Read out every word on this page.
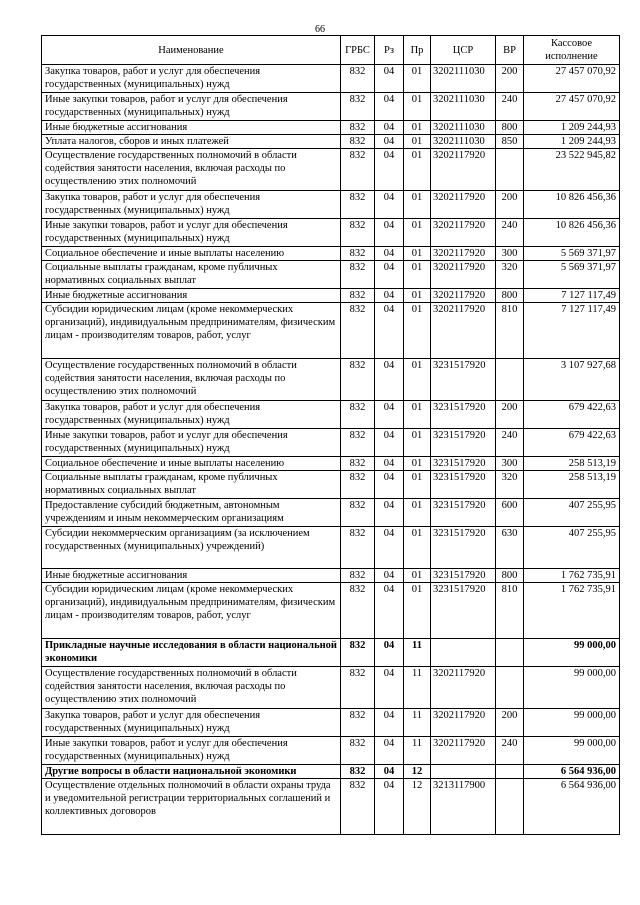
66
Наименование	ГРБС	Рз	Пр	ЦСР	ВР	Кассовое исполнение
Закупка товаров, работ и услуг для обеспечения государственных (муниципальных) нужд	832	04	01	3202111030	200	27 457 070,92
Иные закупки товаров, работ и услуг для обеспечения государственных (муниципальных) нужд	832	04	01	3202111030	240	27 457 070,92
Иные бюджетные ассигнования	832	04	01	3202111030	800	1 209 244,93
Уплата налогов, сборов и иных платежей	832	04	01	3202111030	850	1 209 244,93
Осуществление государственных полномочий в области содействия занятости населения, включая расходы по осуществлению этих полномочий	832	04	01	3202117920		23 522 945,82
Закупка товаров, работ и услуг для обеспечения государственных (муниципальных) нужд	832	04	01	3202117920	200	10 826 456,36
Иные закупки товаров, работ и услуг для обеспечения государственных (муниципальных) нужд	832	04	01	3202117920	240	10 826 456,36
Социальное обеспечение и иные выплаты населению	832	04	01	3202117920	300	5 569 371,97
Социальные выплаты гражданам, кроме публичных нормативных социальных выплат	832	04	01	3202117920	320	5 569 371,97
Иные бюджетные ассигнования	832	04	01	3202117920	800	7 127 117,49
Субсидии юридическим лицам (кроме некоммерческих организаций), индивидуальным предпринимателям, физическим лицам - производителям товаров, работ, услуг	832	04	01	3202117920	810	7 127 117,49
Осуществление государственных полномочий в области содействия занятости населения, включая расходы по осуществлению этих полномочий	832	04	01	3231517920		3 107 927,68
Закупка товаров, работ и услуг для обеспечения государственных (муниципальных) нужд	832	04	01	3231517920	200	679 422,63
Иные закупки товаров, работ и услуг для обеспечения государственных (муниципальных) нужд	832	04	01	3231517920	240	679 422,63
Социальное обеспечение и иные выплаты населению	832	04	01	3231517920	300	258 513,19
Социальные выплаты гражданам, кроме публичных нормативных социальных выплат	832	04	01	3231517920	320	258 513,19
Предоставление субсидий бюджетным, автономным учреждениям и иным некоммерческим организациям	832	04	01	3231517920	600	407 255,95
Субсидии некоммерческим организациям (за исключением государственных (муниципальных) учреждений)	832	04	01	3231517920	630	407 255,95
Иные бюджетные ассигнования	832	04	01	3231517920	800	1 762 735,91
Субсидии юридическим лицам (кроме некоммерческих организаций), индивидуальным предпринимателям, физическим лицам - производителям товаров, работ, услуг	832	04	01	3231517920	810	1 762 735,91
Прикладные научные исследования в области национальной экономики	832	04	11			99 000,00
Осуществление государственных полномочий в области содействия занятости населения, включая расходы по осуществлению этих полномочий	832	04	11	3202117920		99 000,00
Закупка товаров, работ и услуг для обеспечения государственных (муниципальных) нужд	832	04	11	3202117920	200	99 000,00
Иные закупки товаров, работ и услуг для обеспечения государственных (муниципальных) нужд	832	04	11	3202117920	240	99 000,00
Другие вопросы в области национальной экономики	832	04	12			6 564 936,00
Осуществление отдельных полномочий в области охраны труда и уведомительной регистрации территориальных соглашений и коллективных договоров	832	04	12	3213117900		6 564 936,00
